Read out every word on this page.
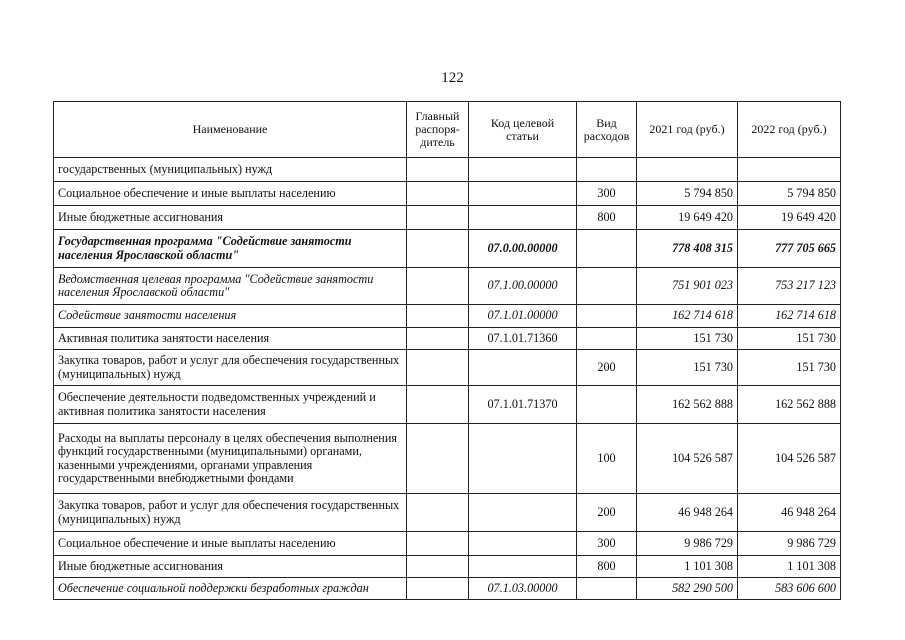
122
Наименование	Главный распоря-дитель	Код целевой статьи	Вид расходов	2021 год (руб.)	2022 год (руб.)
государственных (муниципальных) нужд					
Социальное обеспечение и иные выплаты населению			300	5 794 850	5 794 850
Иные бюджетные ассигнования			800	19 649 420	19 649 420
Государственная программа "Содействие занятости населения Ярославской области"		07.0.00.00000		778 408 315	777 705 665
Ведомственная целевая программа "Содействие занятости населения Ярославской области"		07.1.00.00000		751 901 023	753 217 123
Содействие занятости населения		07.1.01.00000		162 714 618	162 714 618
Активная политика занятости населения		07.1.01.71360		151 730	151 730
Закупка товаров, работ и услуг для обеспечения государственных (муниципальных) нужд			200	151 730	151 730
Обеспечение деятельности подведомственных учреждений и активная политика занятости населения		07.1.01.71370		162 562 888	162 562 888
Расходы на выплаты персоналу в целях обеспечения выполнения функций государственными (муниципальными) органами, казенными учреждениями, органами управления государственными внебюджетными фондами			100	104 526 587	104 526 587
Закупка товаров, работ и услуг для обеспечения государственных (муниципальных) нужд			200	46 948 264	46 948 264
Социальное обеспечение и иные выплаты населению			300	9 986 729	9 986 729
Иные бюджетные ассигнования			800	1 101 308	1 101 308
Обеспечение социальной поддержки безработных граждан		07.1.03.00000		582 290 500	583 606 600
